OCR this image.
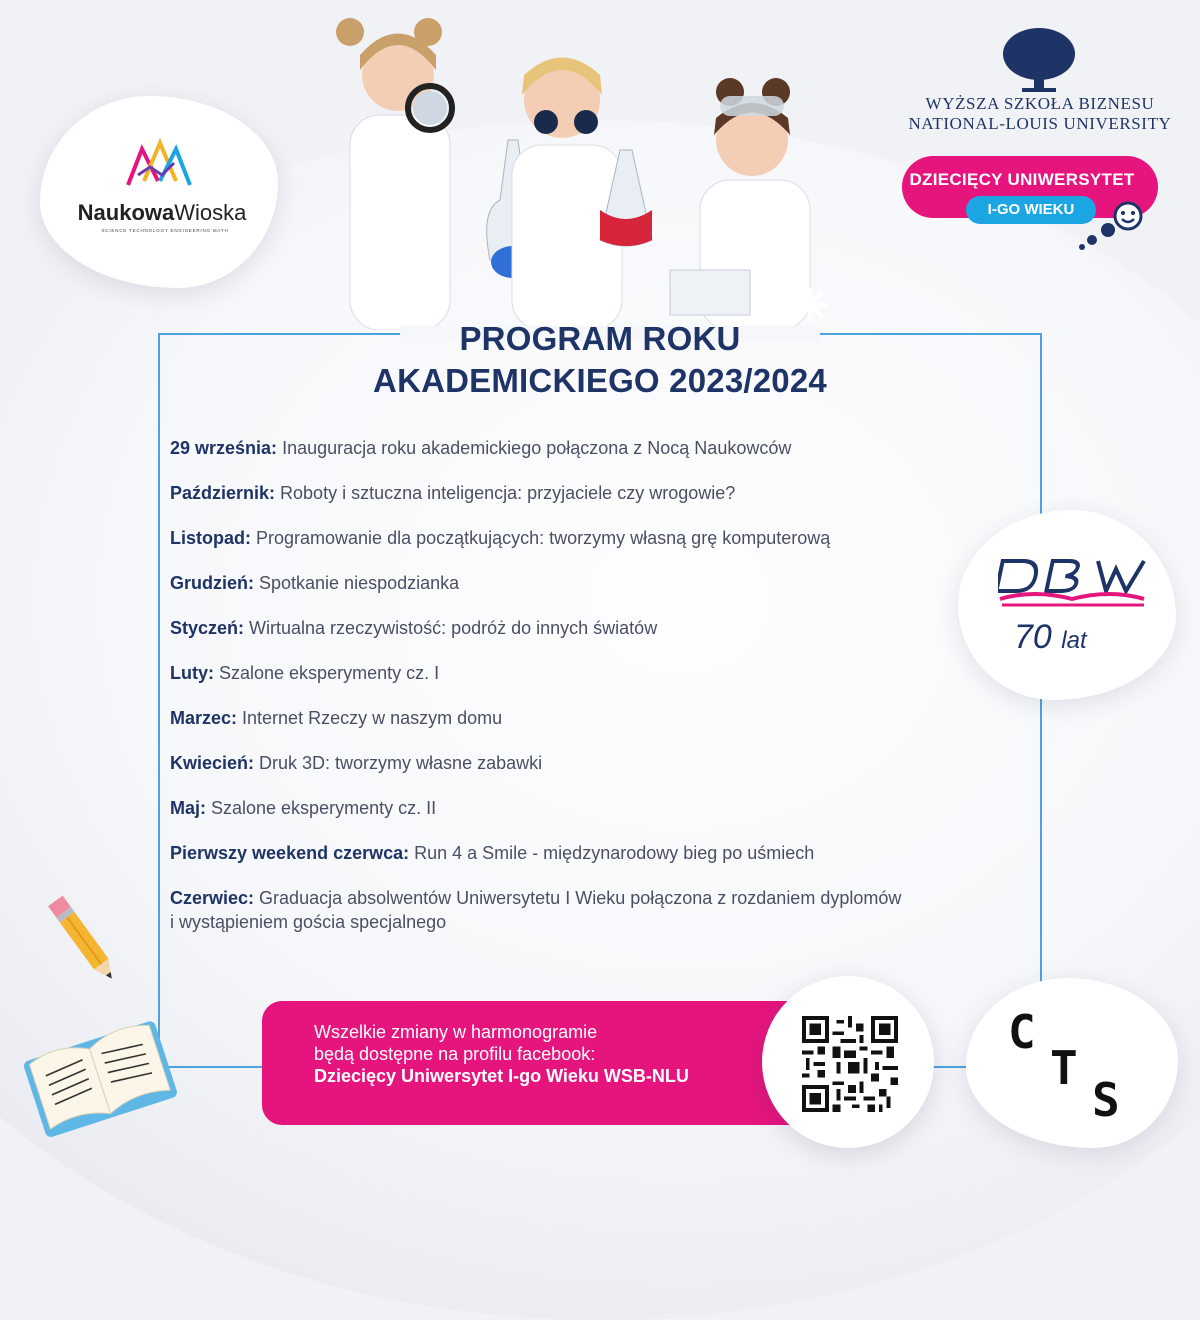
NaukowaWioska
SCIENCE TECHNOLOGY ENGINEERING MATH
WYŻSZA SZKOŁA BIZNESU
NATIONAL-LOUIS UNIVERSITY
DZIECIĘCY UNIWERSYTET
I-GO WIEKU
PROGRAM ROKU
AKADEMICKIEGO 2023/2024
29 września: Inauguracja roku akademickiego połączona z Nocą Naukowców
Październik: Roboty i sztuczna inteligencja: przyjaciele czy wrogowie?
Listopad: Programowanie dla początkujących: tworzymy własną grę komputerową
Grudzień: Spotkanie niespodzianka
Styczeń: Wirtualna rzeczywistość: podróż do innych światów
Luty: Szalone eksperymenty cz. I
Marzec: Internet Rzeczy w naszym domu
Kwiecień: Druk 3D: tworzymy własne zabawki
Maj: Szalone eksperymenty cz. II
Pierwszy weekend czerwca: Run 4 a Smile - międzynarodowy bieg po uśmiech
Czerwiec: Graduacja absolwentów Uniwersytetu I Wieku połączona z rozdaniem dyplomów
i wystąpieniem gościa specjalnego
70 lat
C
T
S
Wszelkie zmiany w harmonogramie
będą dostępne na profilu facebook:
Dziecięcy Uniwersytet I-go Wieku WSB-NLU
